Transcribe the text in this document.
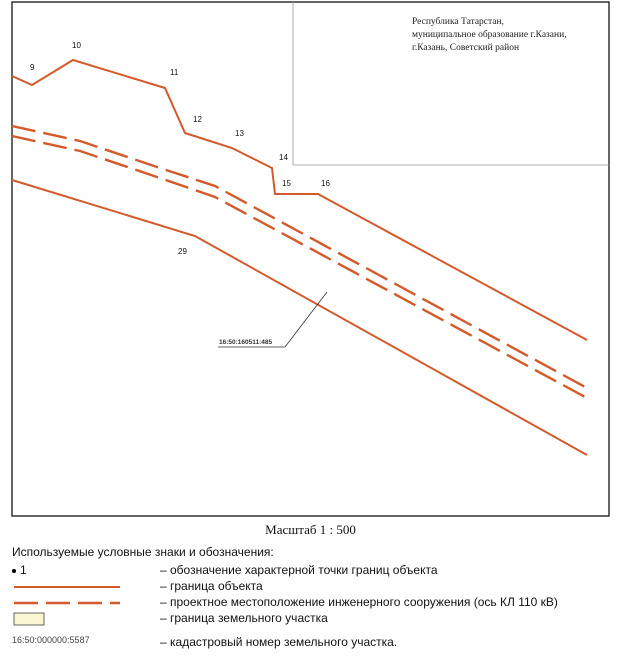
Республика Татарстан,
муниципальное образование г.Казани,
г.Казань, Советский район
16:50:160511:485
9
10
11
12
13
14
15	16
29
Масштаб 1 : 500
Используемые условные знаки и обозначения:
1	– обозначение характерной точки границ объекта
– граница объекта
– проектное местоположение инженерного сооружения (ось КЛ 110 кВ)
– граница земельного участка
16:50:000000:5587	– кадастровый номер земельного участка.
